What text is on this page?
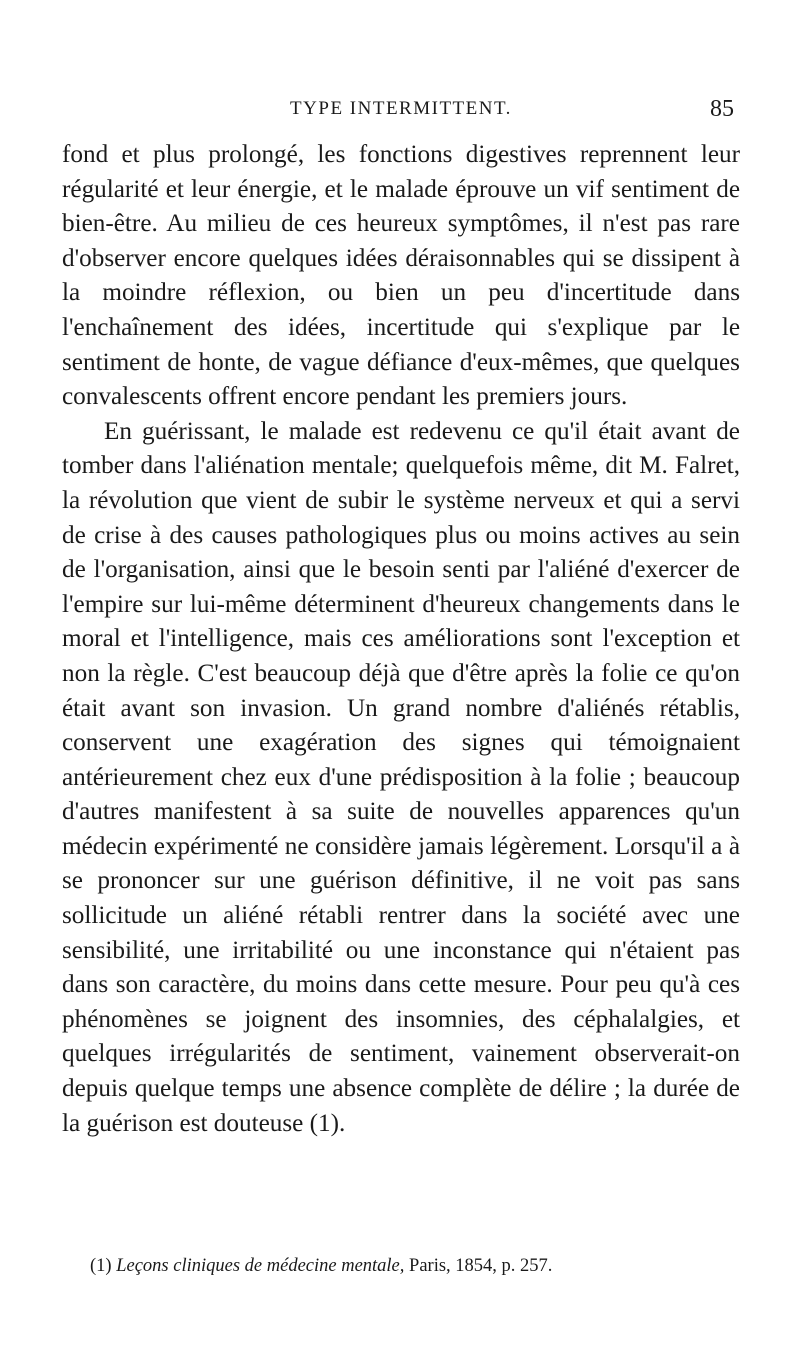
TYPE INTERMITTENT.	85

fond et plus prolongé, les fonctions digestives reprennent leur régularité et leur énergie, et le malade éprouve un vif sentiment de bien-être. Au milieu de ces heureux symptômes, il n'est pas rare d'observer encore quelques idées déraisonnables qui se dissipent à la moindre réflexion, ou bien un peu d'incertitude dans l'enchaînement des idées, incertitude qui s'explique par le sentiment de honte, de vague défiance d'eux-mêmes, que quelques convalescents offrent encore pendant les premiers jours.

En guérissant, le malade est redevenu ce qu'il était avant de tomber dans l'aliénation mentale; quelquefois même, dit M. Falret, la révolution que vient de subir le système nerveux et qui a servi de crise à des causes pathologiques plus ou moins actives au sein de l'organisation, ainsi que le besoin senti par l'aliéné d'exercer de l'empire sur lui-même déterminent d'heureux changements dans le moral et l'intelligence, mais ces améliorations sont l'exception et non la règle. C'est beaucoup déjà que d'être après la folie ce qu'on était avant son invasion. Un grand nombre d'aliénés rétablis, conservent une exagération des signes qui témoignaient antérieurement chez eux d'une prédisposition à la folie ; beaucoup d'autres manifestent à sa suite de nouvelles apparences qu'un médecin expérimenté ne considère jamais légèrement. Lorsqu'il a à se prononcer sur une guérison définitive, il ne voit pas sans sollicitude un aliéné rétabli rentrer dans la société avec une sensibilité, une irritabilité ou une inconstance qui n'étaient pas dans son caractère, du moins dans cette mesure. Pour peu qu'à ces phénomènes se joignent des insomnies, des céphalalgies, et quelques irrégularités de sentiment, vainement observerait-on depuis quelque temps une absence complète de délire ; la durée de la guérison est douteuse (1).

(1) Leçons cliniques de médecine mentale, Paris, 1854, p. 257.
